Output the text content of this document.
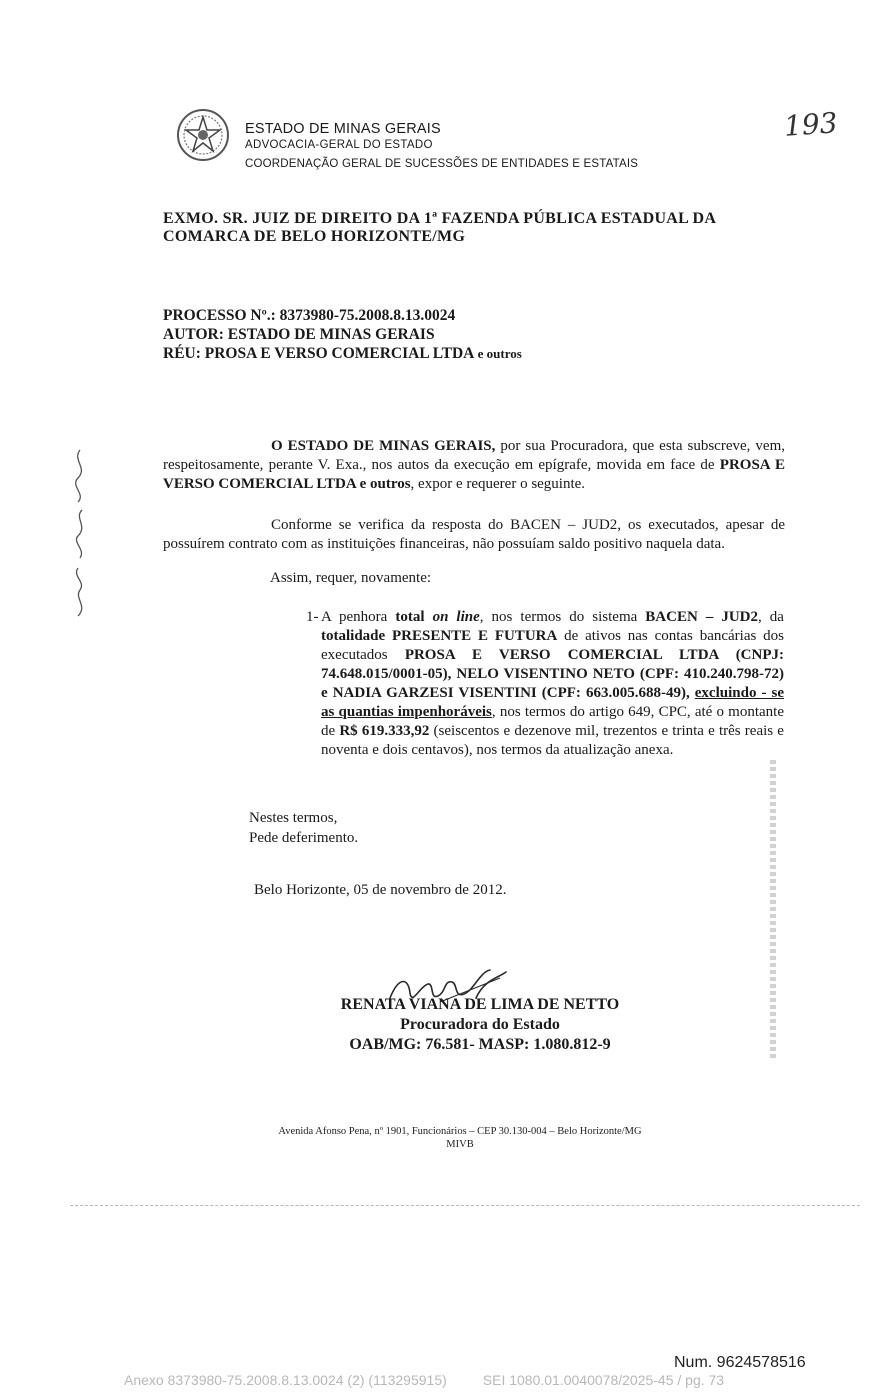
ESTADO DE MINAS GERAIS
ADVOCACIA-GERAL DO ESTADO
COORDENAÇÃO GERAL DE SUCESSÕES DE ENTIDADES E ESTATAIS
193
EXMO. SR. JUIZ DE DIREITO DA 1ª FAZENDA PÚBLICA ESTADUAL DA
COMARCA DE BELO HORIZONTE/MG
PROCESSO Nº.: 8373980-75.2008.8.13.0024
AUTOR: ESTADO DE MINAS GERAIS
RÉU: PROSA E VERSO COMERCIAL LTDA e outros
O ESTADO DE MINAS GERAIS, por sua Procuradora, que esta subscreve, vem, respeitosamente, perante V. Exa., nos autos da execução em epígrafe, movida em face de PROSA E VERSO COMERCIAL LTDA e outros, expor e requerer o seguinte.
Conforme se verifica da resposta do BACEN – JUD2, os executados, apesar de possuírem contrato com as instituições financeiras, não possuíam saldo positivo naquela data.
Assim, requer, novamente:
1- A penhora total on line, nos termos do sistema BACEN – JUD2, da totalidade PRESENTE E FUTURA de ativos nas contas bancárias dos executados PROSA E VERSO COMERCIAL LTDA (CNPJ: 74.648.015/0001-05), NELO VISENTINO NETO (CPF: 410.240.798-72) e NADIA GARZESI VISENTINI (CPF: 663.005.688-49), excluindo - se as quantias impenhoráveis, nos termos do artigo 649, CPC, até o montante de R$ 619.333,92 (seiscentos e dezenove mil, trezentos e trinta e três reais e noventa e dois centavos), nos termos da atualização anexa.
Nestes termos,
Pede deferimento.
Belo Horizonte, 05 de novembro de 2012.
RENATA VIANA DE LIMA DE NETTO
Procuradora do Estado
OAB/MG: 76.581- MASP: 1.080.812-9
Avenida Afonso Pena, nº 1901, Funcionários – CEP 30.130-004 – Belo Horizonte/MG
MIVB
Num. 9624578516
Anexo 8373980-75.2008.8.13.0024 (2) (113295915)	SEI 1080.01.0040078/2025-45 / pg. 73
